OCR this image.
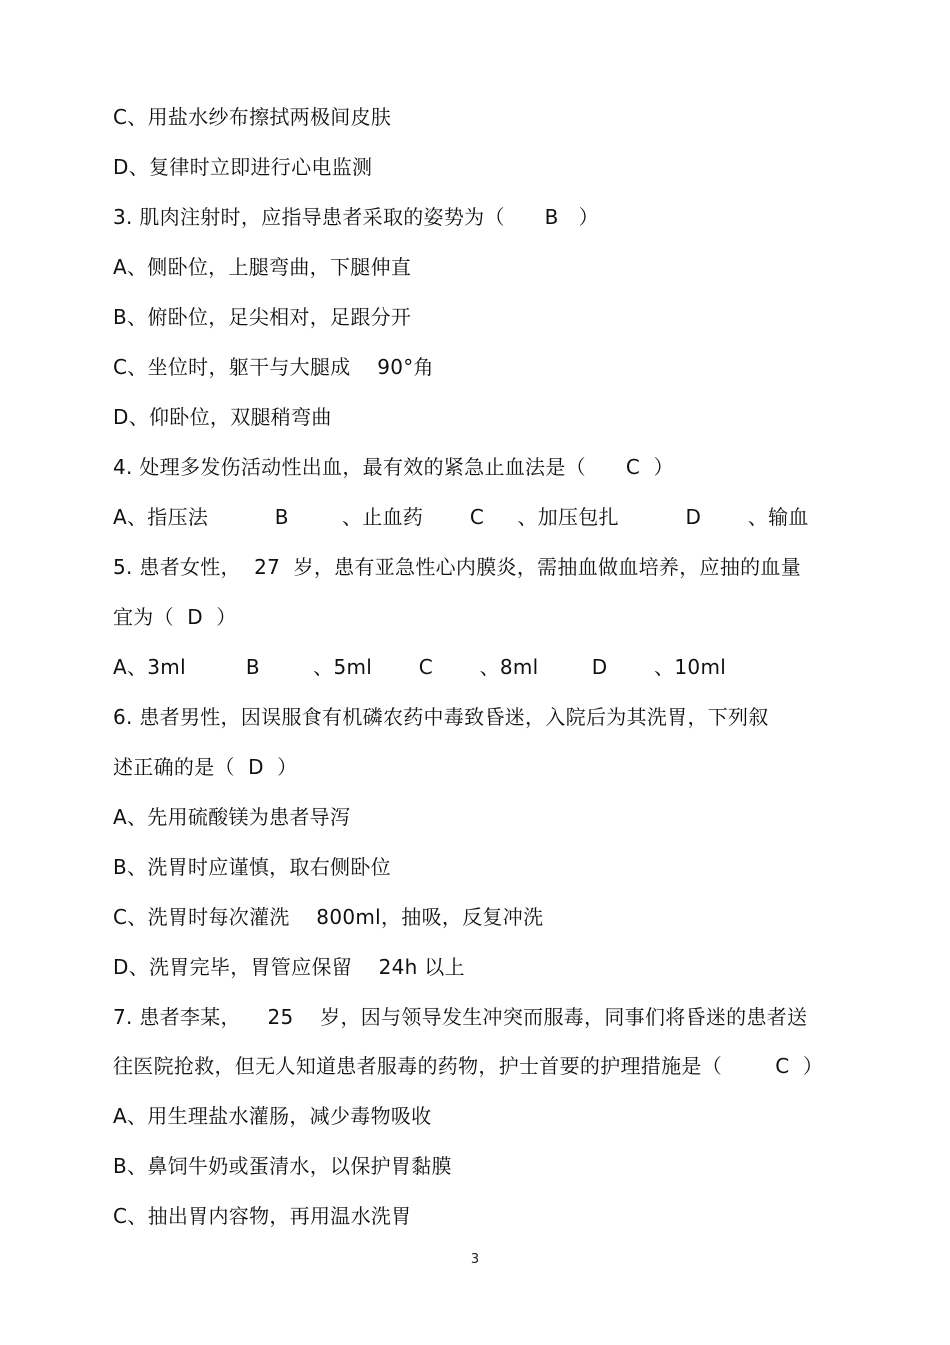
C、用盐水纱布擦拭两极间皮肤
D、复律时立即进行心电监测
3. 肌肉注射时，应指导患者采取的姿势为（      B   ）
A、侧卧位，上腿弯曲，下腿伸直
B、俯卧位，足尖相对，足跟分开
C、坐位时，躯干与大腿成    90°角
D、仰卧位，双腿稍弯曲
4. 处理多发伤活动性出血，最有效的紧急止血法是（      C  ）
A、指压法          B        、止血药       C     、加压包扎          D       、输血
5. 患者女性，  27  岁，患有亚急性心内膜炎，需抽血做血培养，应抽的血量
宜为（  D  ）
A、3ml         B        、5ml       C       、8ml        D       、10ml
6. 患者男性，因误服食有机磷农药中毒致昏迷，入院后为其洗胃，下列叙
述正确的是（  D  ）
A、先用硫酸镁为患者导泻
B、洗胃时应谨慎，取右侧卧位
C、洗胃时每次灌洗    800ml，抽吸，反复冲洗
D、洗胃完毕，胃管应保留    24h 以上
7. 患者李某，    25    岁，因与领导发生冲突而服毒，同事们将昏迷的患者送
往医院抢救，但无人知道患者服毒的药物，护士首要的护理措施是（        C  ）
A、用生理盐水灌肠，减少毒物吸收
B、鼻饲牛奶或蛋清水，以保护胃黏膜
C、抽出胃内容物，再用温水洗胃
3
